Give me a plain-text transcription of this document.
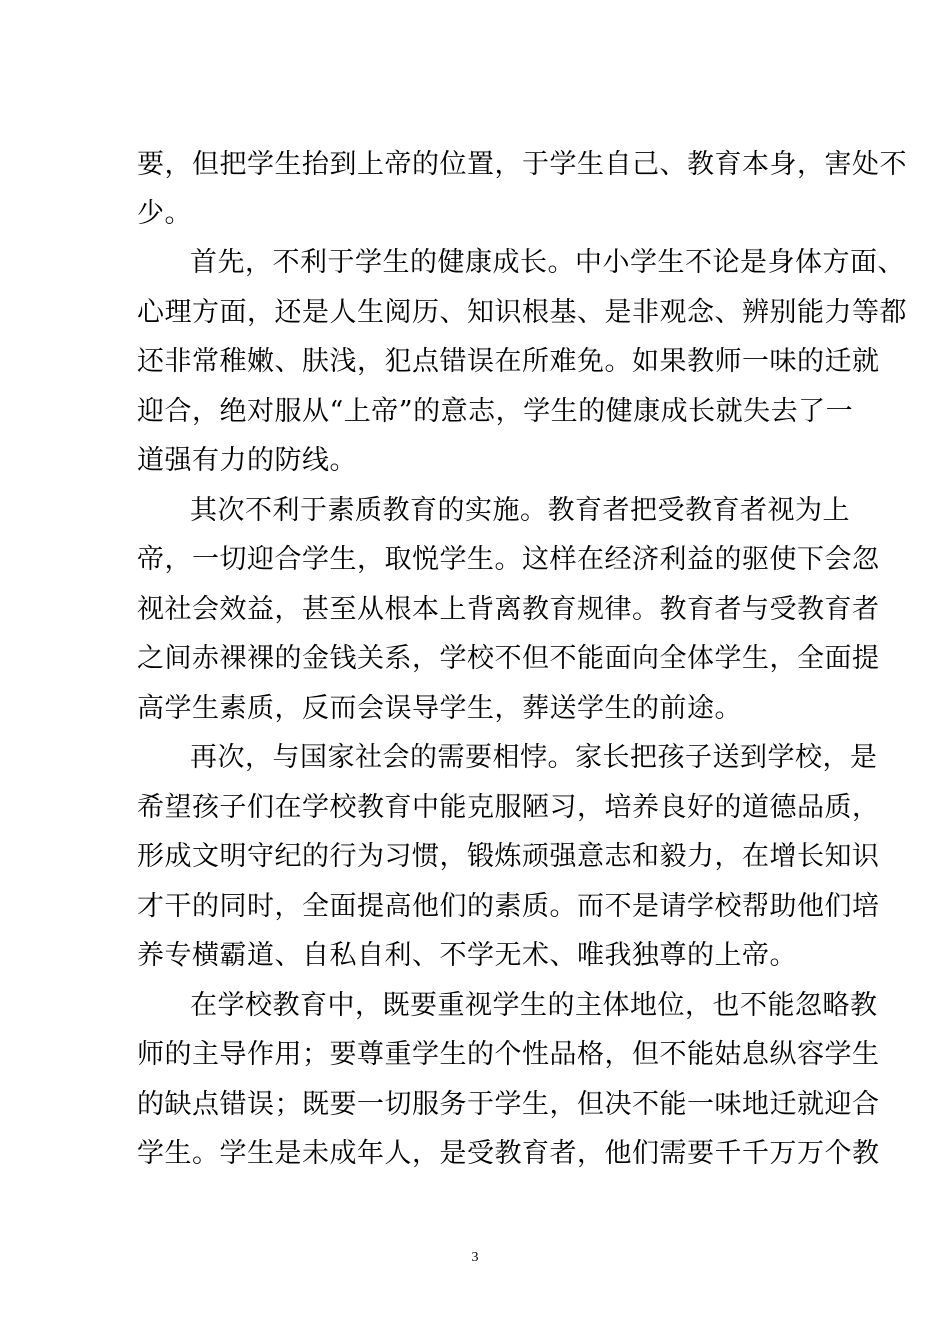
要，但把学生抬到上帝的位置，于学生自己、教育本身，害处不
少。
首先，不利于学生的健康成长。中小学生不论是身体方面、
心理方面，还是人生阅历、知识根基、是非观念、辨别能力等都
还非常稚嫩、肤浅，犯点错误在所难免。如果教师一味的迁就
迎合，绝对服从“上帝”的意志，学生的健康成长就失去了一
道强有力的防线。
其次不利于素质教育的实施。教育者把受教育者视为上
帝，一切迎合学生，取悦学生。这样在经济利益的驱使下会忽
视社会效益，甚至从根本上背离教育规律。教育者与受教育者
之间赤裸裸的金钱关系，学校不但不能面向全体学生，全面提
高学生素质，反而会误导学生，葬送学生的前途。
再次，与国家社会的需要相悖。家长把孩子送到学校，是
希望孩子们在学校教育中能克服陋习，培养良好的道德品质，
形成文明守纪的行为习惯，锻炼顽强意志和毅力，在增长知识
才干的同时，全面提高他们的素质。而不是请学校帮助他们培
养专横霸道、自私自利、不学无术、唯我独尊的上帝。
在学校教育中，既要重视学生的主体地位，也不能忽略教
师的主导作用；要尊重学生的个性品格，但不能姑息纵容学生
的缺点错误；既要一切服务于学生，但决不能一味地迁就迎合
学生。学生是未成年人，是受教育者，他们需要千千万万个教
3
